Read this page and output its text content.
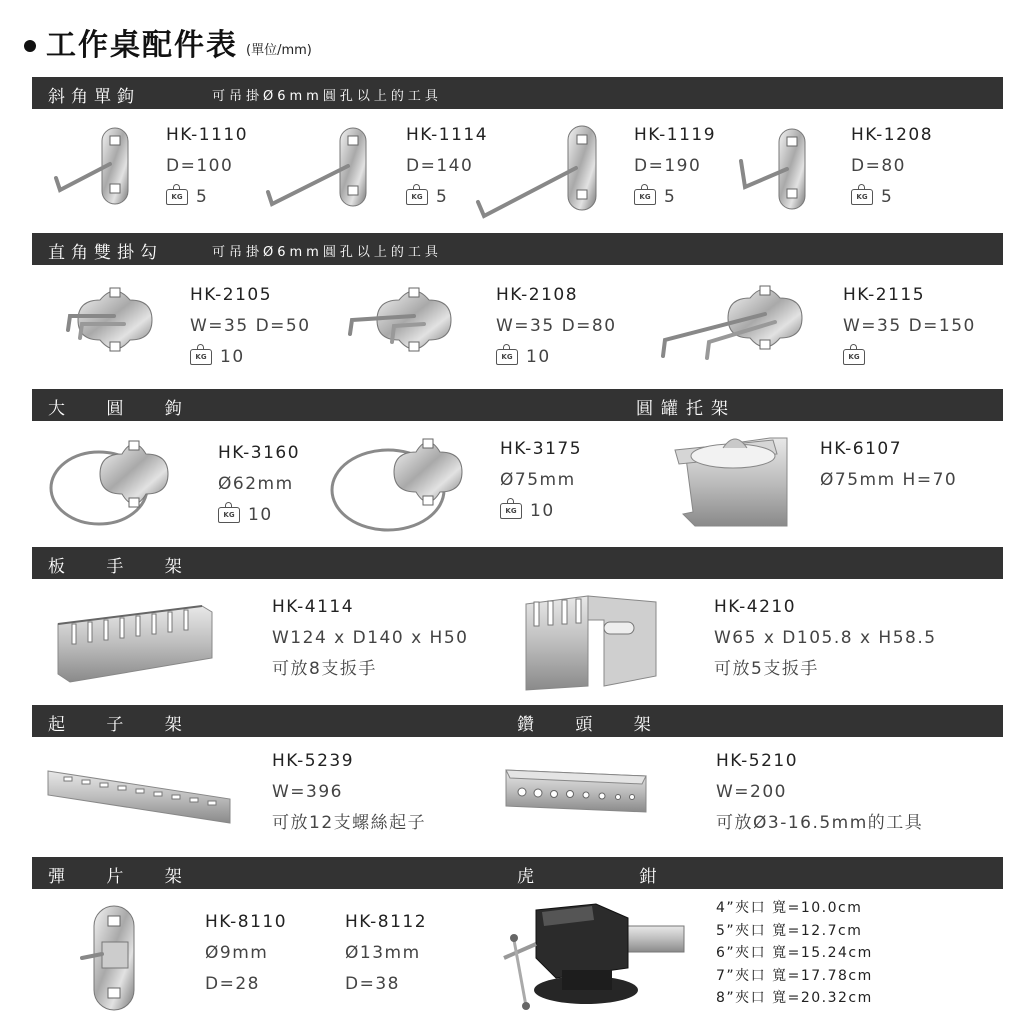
工作桌配件表 (單位/mm)
斜角單鉤	可吊掛Ø6mm圓孔以上的工具
直角雙掛勾	可吊掛Ø6mm圓孔以上的工具
大 圓 鉤	圓罐托架
板 手 架
起 子 架	鑽 頭 架
彈 片 架	虎 鉗
HK-1110
D=100
KG 5
HK-1114
D=140
KG 5
HK-1119
D=190
KG 5
HK-1208
D=80
KG 5
HK-2105
W=35 D=50
KG 10
HK-2108
W=35 D=80
KG 10
HK-2115
W=35 D=150
KG
HK-3160
Ø62mm
KG 10
HK-3175
Ø75mm
KG 10
HK-6107
Ø75mm H=70
HK-4114
W124 x D140 x H50
可放8支扳手
HK-4210
W65 x D105.8 x H58.5
可放5支扳手
HK-5239
W=396
可放12支螺絲起子
HK-5210
W=200
可放Ø3-16.5mm的工具
HK-8110
Ø9mm
D=28
HK-8112
Ø13mm
D=38
4”夾口 寬=10.0cm
5”夾口 寬=12.7cm
6”夾口 寬=15.24cm
7”夾口 寬=17.78cm
8”夾口 寬=20.32cm
